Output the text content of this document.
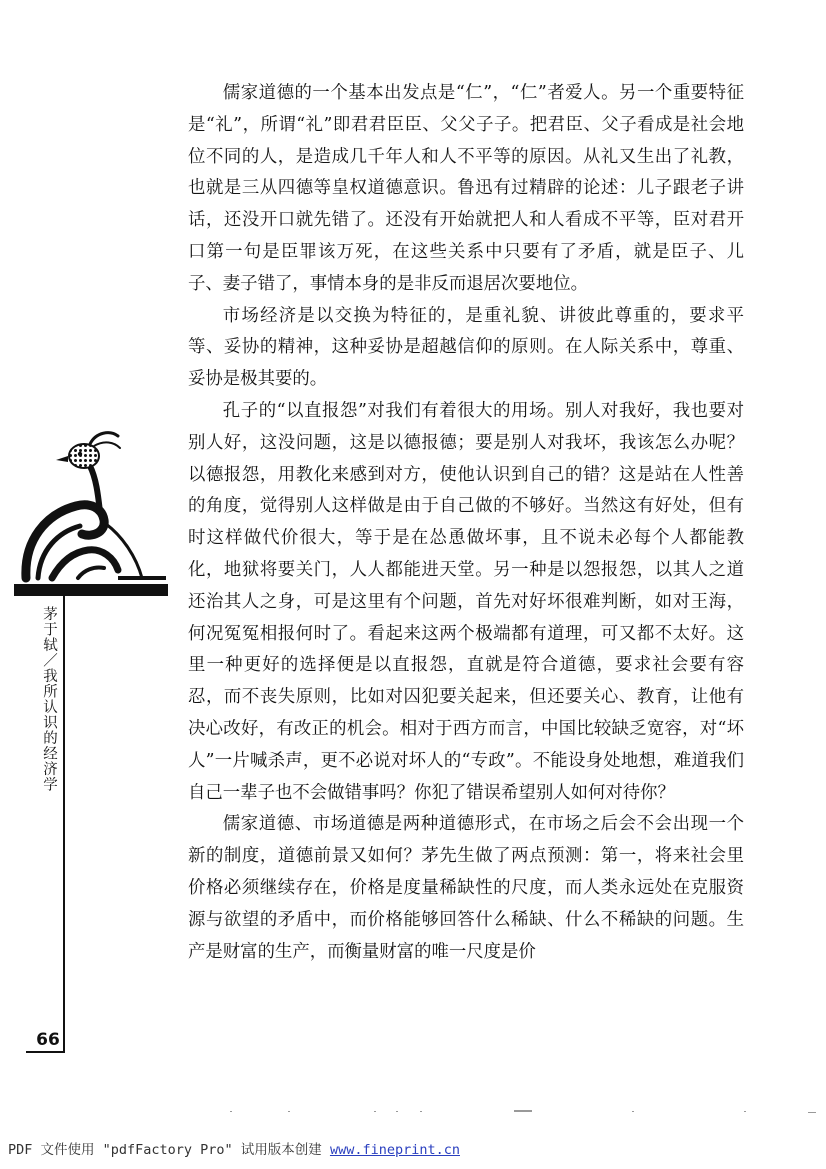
儒家道德的一个基本出发点是“仁”，“仁”者爱人。另一个重要特征是“礼”，所谓“礼”即君君臣臣、父父子子。把君臣、父子看成是社会地位不同的人，是造成几千年人和人不平等的原因。从礼又生出了礼教，也就是三从四德等皇权道德意识。鲁迅有过精辟的论述：儿子跟老子讲话，还没开口就先错了。还没有开始就把人和人看成不平等，臣对君开口第一句是臣罪该万死，在这些关系中只要有了矛盾，就是臣子、儿子、妻子错了，事情本身的是非反而退居次要地位。

市场经济是以交换为特征的，是重礼貌、讲彼此尊重的，要求平等、妥协的精神，这种妥协是超越信仰的原则。在人际关系中，尊重、妥协是极其要的。

孔子的“以直报怨”对我们有着很大的用场。别人对我好，我也要对别人好，这没问题，这是以德报德；要是别人对我坏，我该怎么办呢？以德报怨，用教化来感到对方，使他认识到自己的错？这是站在人性善的角度，觉得别人这样做是由于自己做的不够好。当然这有好处，但有时这样做代价很大，等于是在怂恿做坏事，且不说未必每个人都能教化，地狱将要关门，人人都能进天堂。另一种是以怨报怨，以其人之道还治其人之身，可是这里有个问题，首先对好坏很难判断，如对王海，何况冤冤相报何时了。看起来这两个极端都有道理，可又都不太好。这里一种更好的选择便是以直报怨，直就是符合道德，要求社会要有容忍，而不丧失原则，比如对囚犯要关起来，但还要关心、教育，让他有决心改好，有改正的机会。相对于西方而言，中国比较缺乏宽容，对“坏人”一片喊杀声，更不必说对坏人的“专政”。不能设身处地想，难道我们自己一辈子也不会做错事吗？你犯了错误希望别人如何对待你？

儒家道德、市场道德是两种道德形式，在市场之后会不会出现一个新的制度，道德前景又如何？茅先生做了两点预测：第一，将来社会里价格必须继续存在，价格是度量稀缺性的尺度，而人类永远处在克服资源与欲望的矛盾中，而价格能够回答什么稀缺、什么不稀缺的问题。生产是财富的生产，而衡量财富的唯一尺度是价

茅于轼／我所认识的经济学
66
PDF 文件使用 "pdfFactory Pro" 试用版本创建 www.fineprint.cn
